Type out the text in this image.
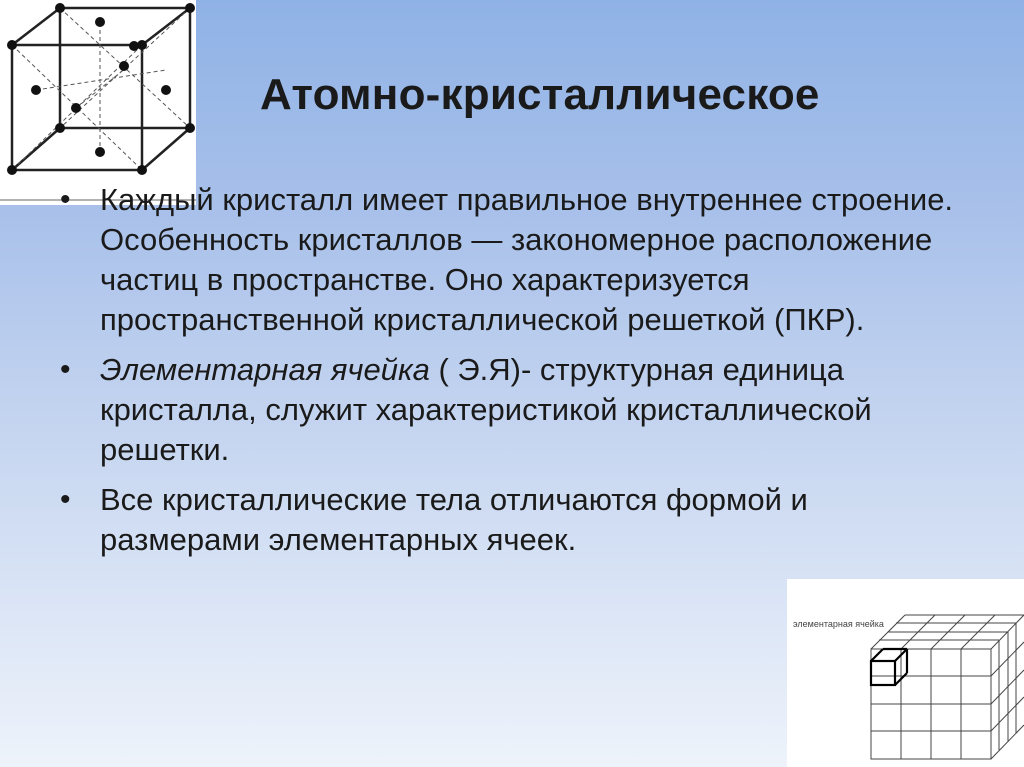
Атомно-кристаллическое
• Каждый кристалл имеет правильное внутреннее строение. Особенность кристаллов — закономерное расположение частиц в пространстве. Оно характеризуется пространственной кристаллической решеткой (ПКР).
• Элементарная ячейка ( Э.Я)- структурная единица кристалла, служит характеристикой кристаллической решетки.
• Все кристаллические тела отличаются формой и размерами элементарных ячеек.
элементарная ячейка
